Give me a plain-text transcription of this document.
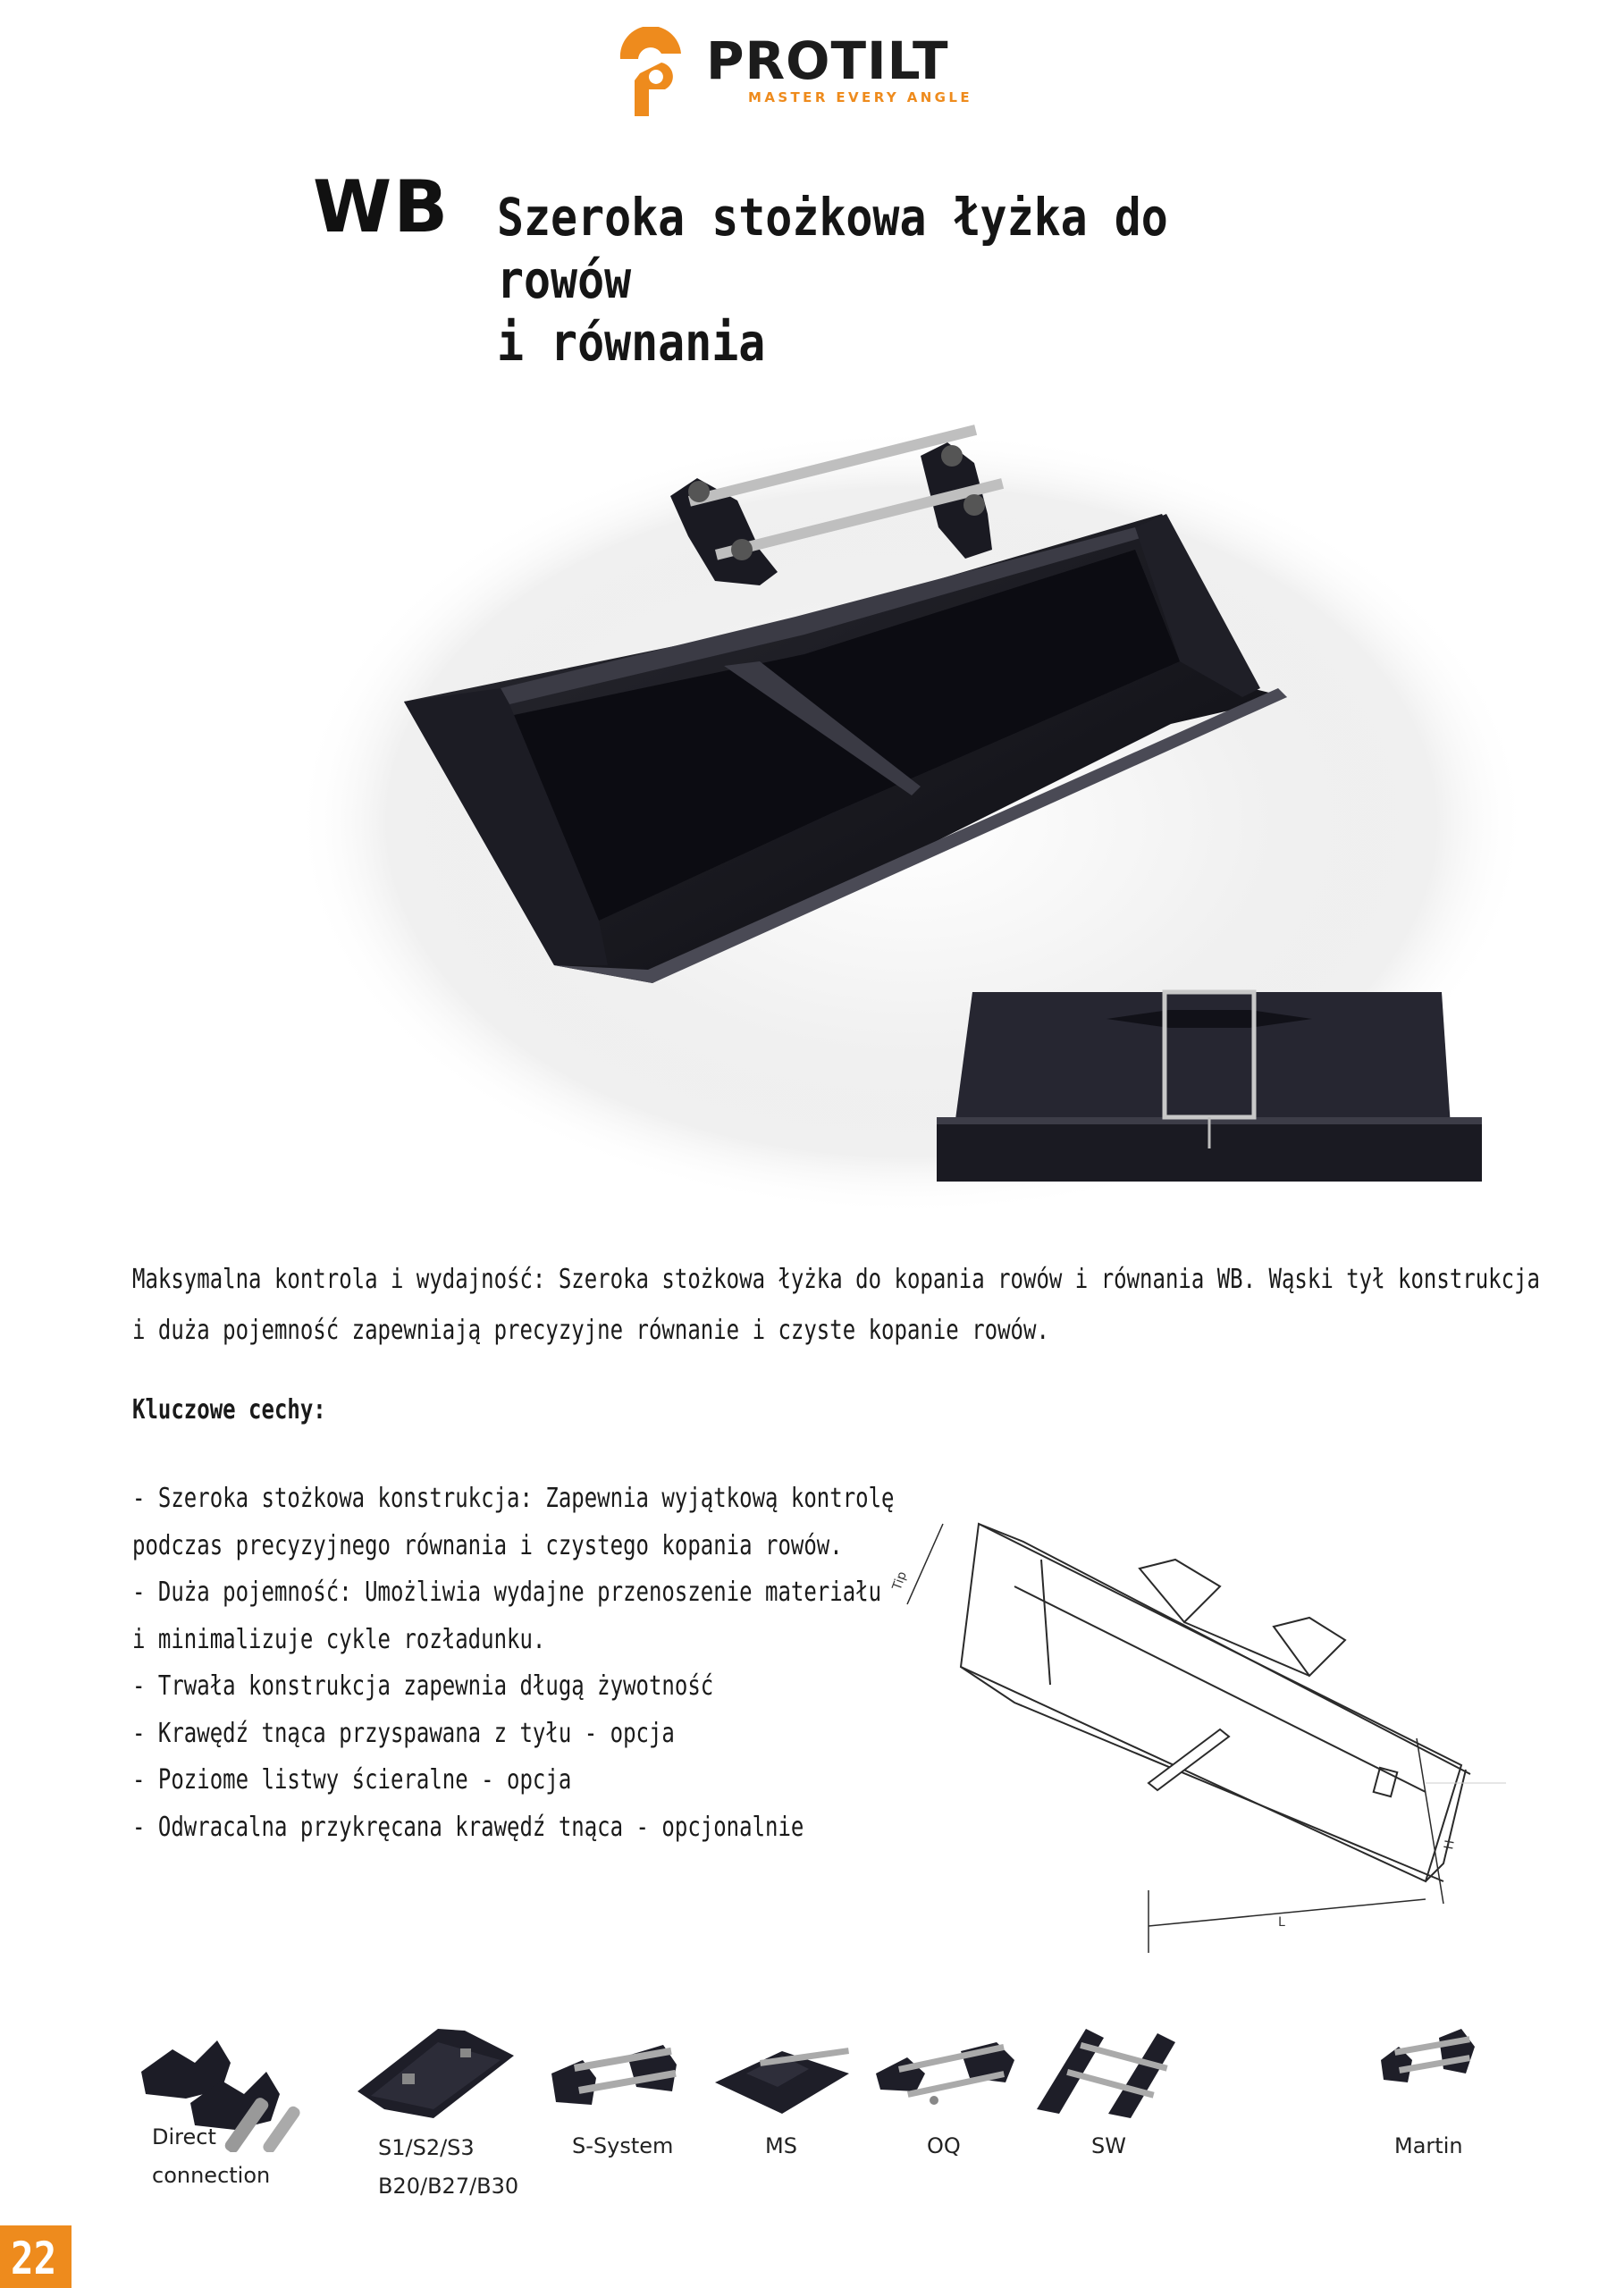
PROTILT
MASTER EVERY ANGLE
WB Szeroka stożkowa łyżka do rowów
i równania
Maksymalna kontrola i wydajność: Szeroka stożkowa łyżka do kopania rowów i równania WB. Wąski tył konstrukcja
i duża pojemność zapewniają precyzyjne równanie i czyste kopanie rowów.
Kluczowe cechy:
- Szeroka stożkowa konstrukcja: Zapewnia wyjątkową kontrolę
podczas precyzyjnego równania i czystego kopania rowów.
- Duża pojemność: Umożliwia wydajne przenoszenie materiału
i minimalizuje cykle rozładunku.
- Trwała konstrukcja zapewnia długą żywotność
- Krawędź tnąca przyspawana z tyłu - opcja
- Poziome listwy ścieralne - opcja
- Odwracalna przykręcana krawędź tnąca - opcjonalnie
Tip
H
L
Direct
connection
S1/S2/S3
B20/B27/B30
S-System	MS	OQ	SW	Martin
22
